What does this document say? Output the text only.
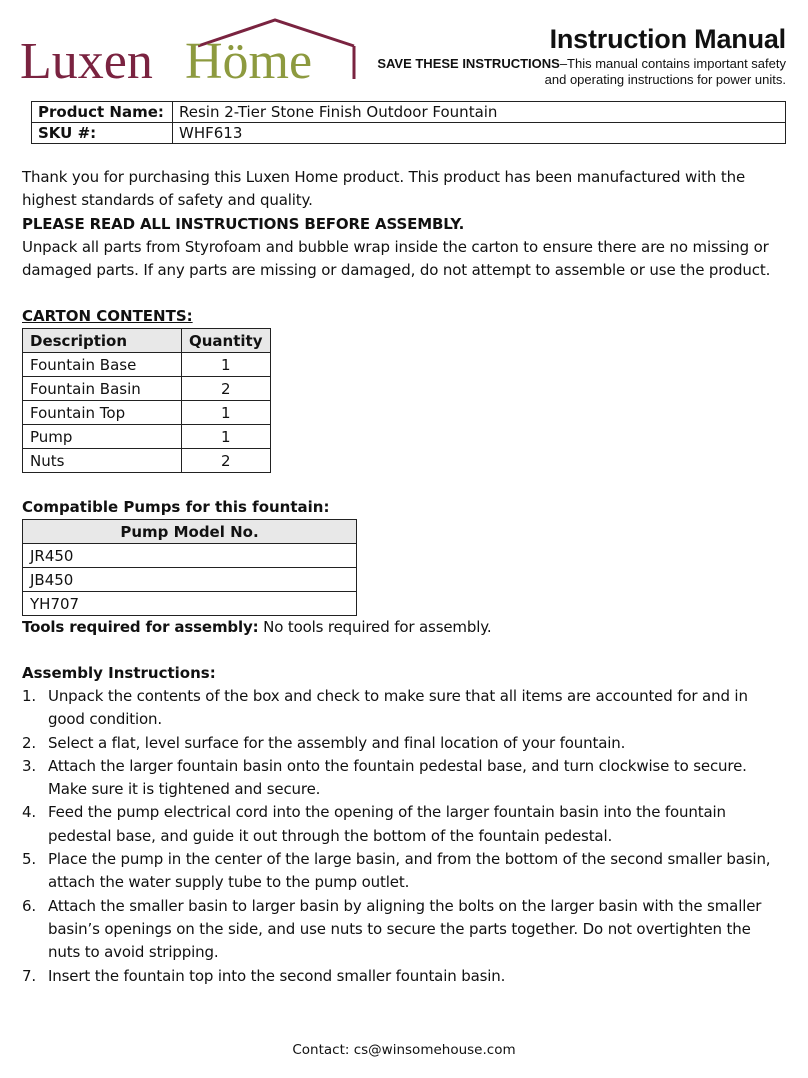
Luxen Höme	Instruction Manual
SAVE THESE INSTRUCTIONS–This manual contains important safety and operating instructions for power units.
Product Name:	Resin 2-Tier Stone Finish Outdoor Fountain
SKU #:	WHF613
Thank you for purchasing this Luxen Home product. This product has been manufactured with the highest standards of safety and quality.
PLEASE READ ALL INSTRUCTIONS BEFORE ASSEMBLY.
Unpack all parts from Styrofoam and bubble wrap inside the carton to ensure there are no missing or damaged parts. If any parts are missing or damaged, do not attempt to assemble or use the product.
CARTON CONTENTS:
Description	Quantity
Fountain Base	1
Fountain Basin	2
Fountain Top	1
Pump	1
Nuts	2
Compatible Pumps for this fountain:
Pump Model No.
JR450
JB450
YH707
Tools required for assembly: No tools required for assembly.
Assembly Instructions:
1. Unpack the contents of the box and check to make sure that all items are accounted for and in good condition.
2. Select a flat, level surface for the assembly and final location of your fountain.
3. Attach the larger fountain basin onto the fountain pedestal base, and turn clockwise to secure. Make sure it is tightened and secure.
4. Feed the pump electrical cord into the opening of the larger fountain basin into the fountain pedestal base, and guide it out through the bottom of the fountain pedestal.
5. Place the pump in the center of the large basin, and from the bottom of the second smaller basin, attach the water supply tube to the pump outlet.
6. Attach the smaller basin to larger basin by aligning the bolts on the larger basin with the smaller basin’s openings on the side, and use nuts to secure the parts together. Do not overtighten the nuts to avoid stripping.
7. Insert the fountain top into the second smaller fountain basin.
Contact: cs@winsomehouse.com
